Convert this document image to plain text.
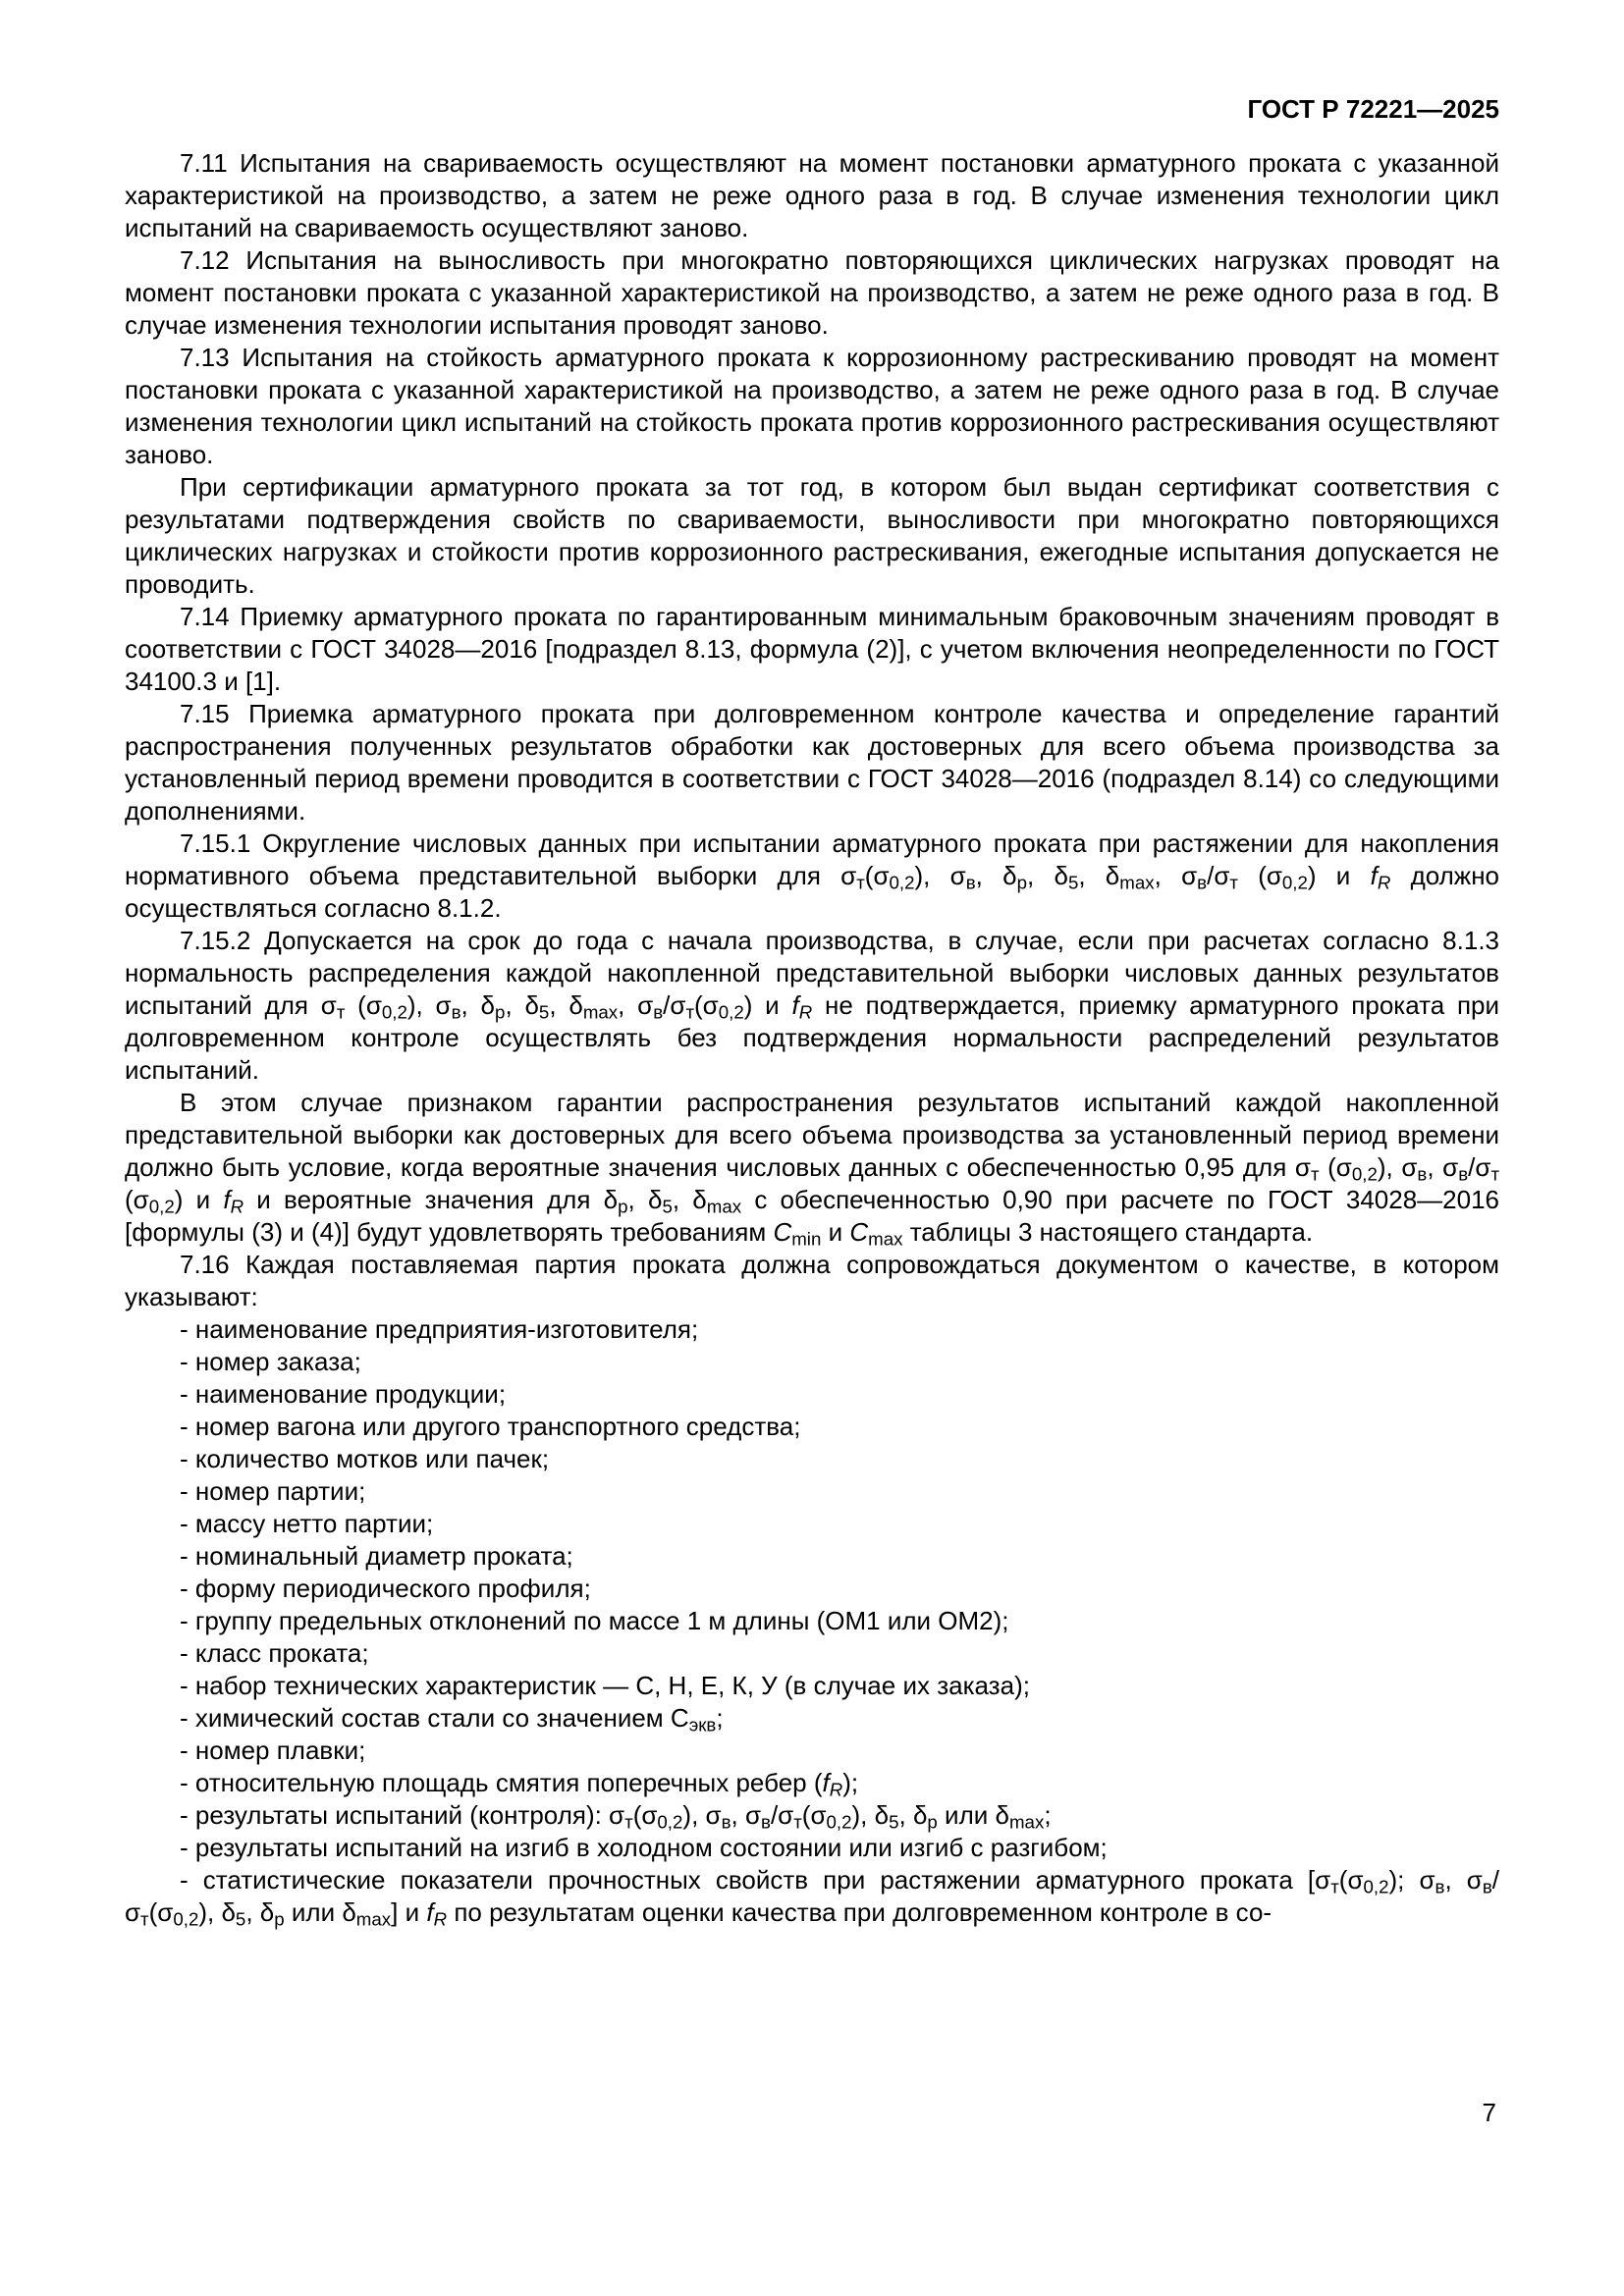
ГОСТ Р 72221—2025

7.11 Испытания на свариваемость осуществляют на момент постановки арматурного проката с указанной характеристикой на производство, а затем не реже одного раза в год. В случае изменения технологии цикл испытаний на свариваемость осуществляют заново.

7.12 Испытания на выносливость при многократно повторяющихся циклических нагрузках проводят на момент постановки проката с указанной характеристикой на производство, а затем не реже одного раза в год. В случае изменения технологии испытания проводят заново.

7.13 Испытания на стойкость арматурного проката к коррозионному растрескиванию проводят на момент постановки проката с указанной характеристикой на производство, а затем не реже одного раза в год. В случае изменения технологии цикл испытаний на стойкость проката против коррозионного растрескивания осуществляют заново.

При сертификации арматурного проката за тот год, в котором был выдан сертификат соответствия с результатами подтверждения свойств по свариваемости, выносливости при многократно повторяющихся циклических нагрузках и стойкости против коррозионного растрескивания, ежегодные испытания допускается не проводить.

7.14 Приемку арматурного проката по гарантированным минимальным браковочным значениям проводят в соответствии с ГОСТ 34028—2016 [подраздел 8.13, формула (2)], с учетом включения неопределенности по ГОСТ 34100.3 и [1].

7.15 Приемка арматурного проката при долговременном контроле качества и определение гарантий распространения полученных результатов обработки как достоверных для всего объема производства за установленный период времени проводится в соответствии с ГОСТ 34028—2016 (подраздел 8.14) со следующими дополнениями.

7.15.1 Округление числовых данных при испытании арматурного проката при растяжении для накопления нормативного объема представительной выборки для $\sigma_т(\sigma_{0,2})$, $\sigma_в$, $\delta_р$, $\delta_5$, $\delta_{max}$, $\sigma_в/\sigma_т$ $(\sigma_{0,2})$ и $f_R$ должно осуществляться согласно 8.1.2.

7.15.2 Допускается на срок до года с начала производства, в случае, если при расчетах согласно 8.1.3 нормальность распределения каждой накопленной представительной выборки числовых данных результатов испытаний для $\sigma_т$ $(\sigma_{0,2})$, $\sigma_в$, $\delta_р$, $\delta_5$, $\delta_{max}$, $\sigma_в/\sigma_т(\sigma_{0,2})$ и $f_R$ не подтверждается, приемку арматурного проката при долговременном контроле осуществлять без подтверждения нормальности распределений результатов испытаний.

В этом случае признаком гарантии распространения результатов испытаний каждой накопленной представительной выборки как достоверных для всего объема производства за установленный период времени должно быть условие, когда вероятные значения числовых данных с обеспеченностью 0,95 для $\sigma_т$ $(\sigma_{0,2})$, $\sigma_в$, $\sigma_в/\sigma_т$ $(\sigma_{0,2})$ и $f_R$ и вероятные значения для $\delta_р$, $\delta_5$, $\delta_{max}$ с обеспеченностью 0,90 при расчете по ГОСТ 34028—2016 [формулы (3) и (4)] будут удовлетворять требованиям $C_{min}$ и $C_{max}$ таблицы 3 настоящего стандарта.

7.16 Каждая поставляемая партия проката должна сопровождаться документом о качестве, в котором указывают:

- наименование предприятия-изготовителя;

- номер заказа;

- наименование продукции;

- номер вагона или другого транспортного средства;

- количество мотков или пачек;

- номер партии;

- массу нетто партии;

- номинальный диаметр проката;

- форму периодического профиля;

- группу предельных отклонений по массе 1 м длины (ОМ1 или ОМ2);

- класс проката;

- набор технических характеристик — С, Н, Е, К, У (в случае их заказа);

- химический состав стали со значением $С_{экв}$;

- номер плавки;

- относительную площадь смятия поперечных ребер $(f_R)$;

- результаты испытаний (контроля): $\sigma_т(\sigma_{0,2})$, $\sigma_в$, $\sigma_в/\sigma_т(\sigma_{0,2})$, $\delta_5$, $\delta_р$ или $\delta_{max}$;

- результаты испытаний на изгиб в холодном состоянии или изгиб с разгибом;

- статистические показатели прочностных свойств при растяжении арматурного проката [$\sigma_т(\sigma_{0,2})$; $\sigma_в$, $\sigma_в/\sigma_т(\sigma_{0,2})$, $\delta_5$, $\delta_р$ или $\delta_{max}$] и $f_R$ по результатам оценки качества при долговременном контроле в со-

7
